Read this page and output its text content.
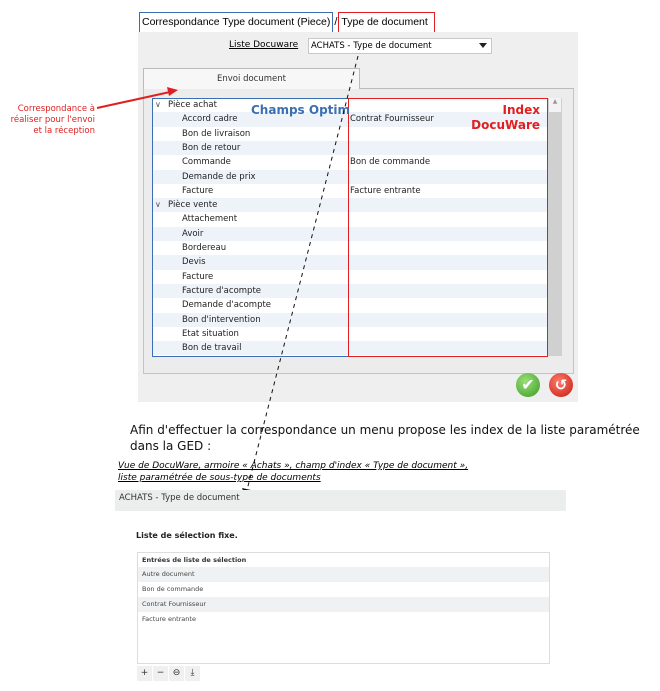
Correspondance Type document (Piece) / Type de document
Liste Docuware	ACHATS - Type de document
Envoi document
∨ Pièce achat
Accord cadre	Contrat Fournisseur
Bon de livraison
Bon de retour
Commande	Bon de commande
Demande de prix
Facture	Facture entrante
∨ Pièce vente
Attachement
Avoir
Bordereau
Devis
Facture
Facture d'acompte
Demande d'acompte
Bon d'intervention
Etat situation
Bon de travail
▲
Champs Optim	Index
DocuWare
Correspondance à réaliser pour l'envoi et la réception
✔	↺
Afin d'effectuer la correspondance un menu propose les index de la liste paramétrée dans la GED :
Vue de DocuWare, armoire « Achats », champ d'index « Type de document »,
liste paramétrée de sous-type de documents
ACHATS - Type de document
Liste de sélection fixe.
Entrées de liste de sélection
Autre document
Bon de commande
Contrat Fournisseur
Facture entrante
+ − ⊖	⤓
